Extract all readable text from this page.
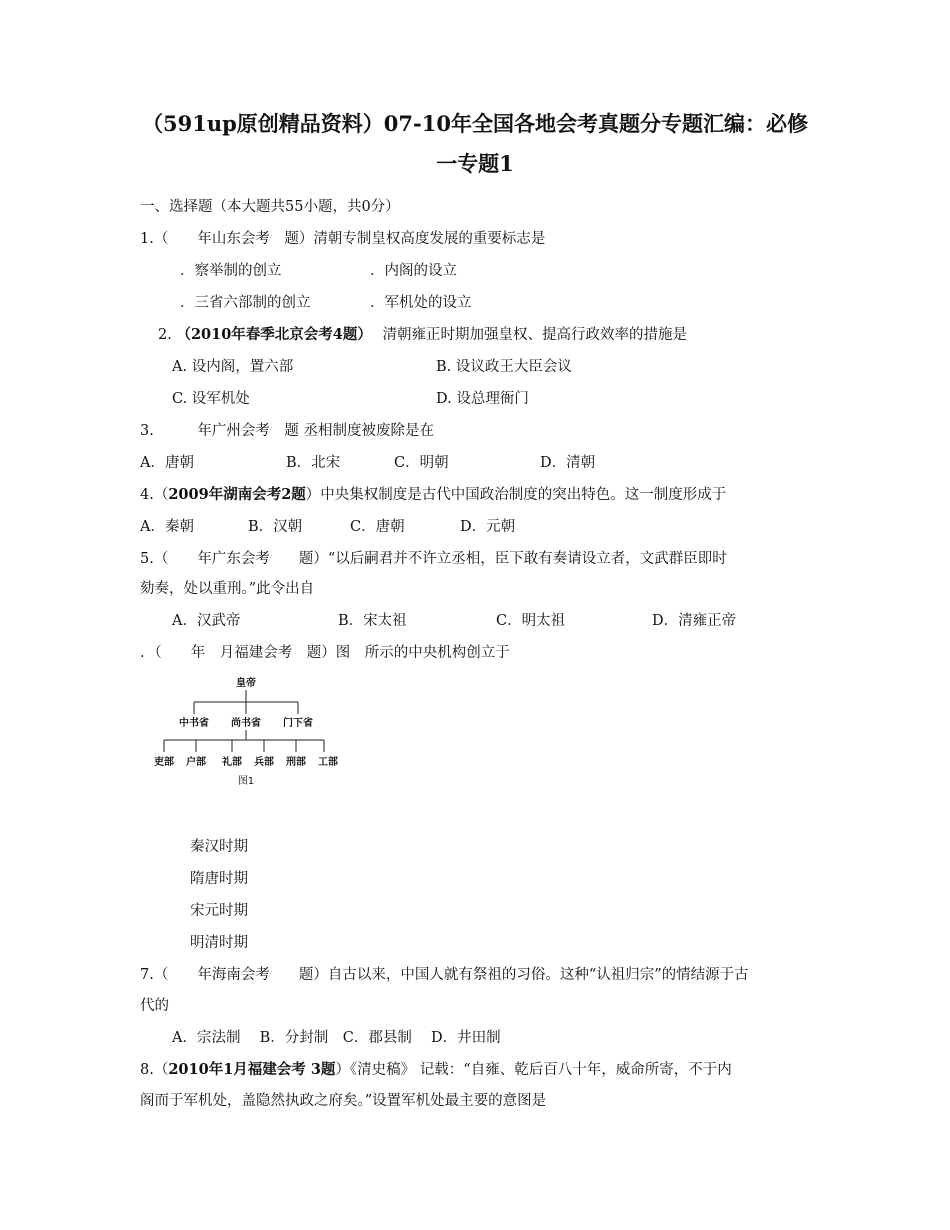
（591up原创精品资料）07-10年全国各地会考真题分专题汇编：必修
一专题1
一、选择题（本大题共55小题，共0分）
1.（　　年山东会考　题）清朝专制皇权高度发展的重要标志是
．察举制的创立	．内阁的设立
．三省六部制的创立	．军机处的设立
2. （2010年春季北京会考4题） 清朝雍正时期加强皇权、提高行政效率的措施是
A. 设内阁，置六部	B. 设议政王大臣会议
C. 设军机处	D. 设总理衙门
3.　　　年广州会考　题 丞相制度被废除是在
A．唐朝	B．北宋	C．明朝	D．清朝
4.（2009年湖南会考2题）中央集权制度是古代中国政治制度的突出特色。这一制度形成于
A．秦朝	B．汉朝	C．唐朝	D．元朝
5.（　　年广东会考　　题）“以后嗣君并不许立丞相，臣下敢有奏请设立者，文武群臣即时
劾奏，处以重刑。”此令出自
A．汉武帝	B．宋太祖	C．明太祖	D．清雍正帝
．（　　年　月福建会考　题）图　所示的中央机构创立于
皇帝
中书省 尚书省 门下省
吏部 户部 礼部 兵部 刑部 工部
图1
秦汉时期
隋唐时期
宋元时期
明清时期
7.（　　年海南会考　　题）自古以来，中国人就有祭祖的习俗。这种“认祖归宗”的情结源于古
代的
A．宗法制　 B．分封制　C．郡县制　 D．井田制
8.（2010年1月福建会考 3题）《清史稿》 记载：“自雍、乾后百八十年，威命所寄，不于内
阁而于军机处，盖隐然执政之府矣。”设置军机处最主要的意图是
